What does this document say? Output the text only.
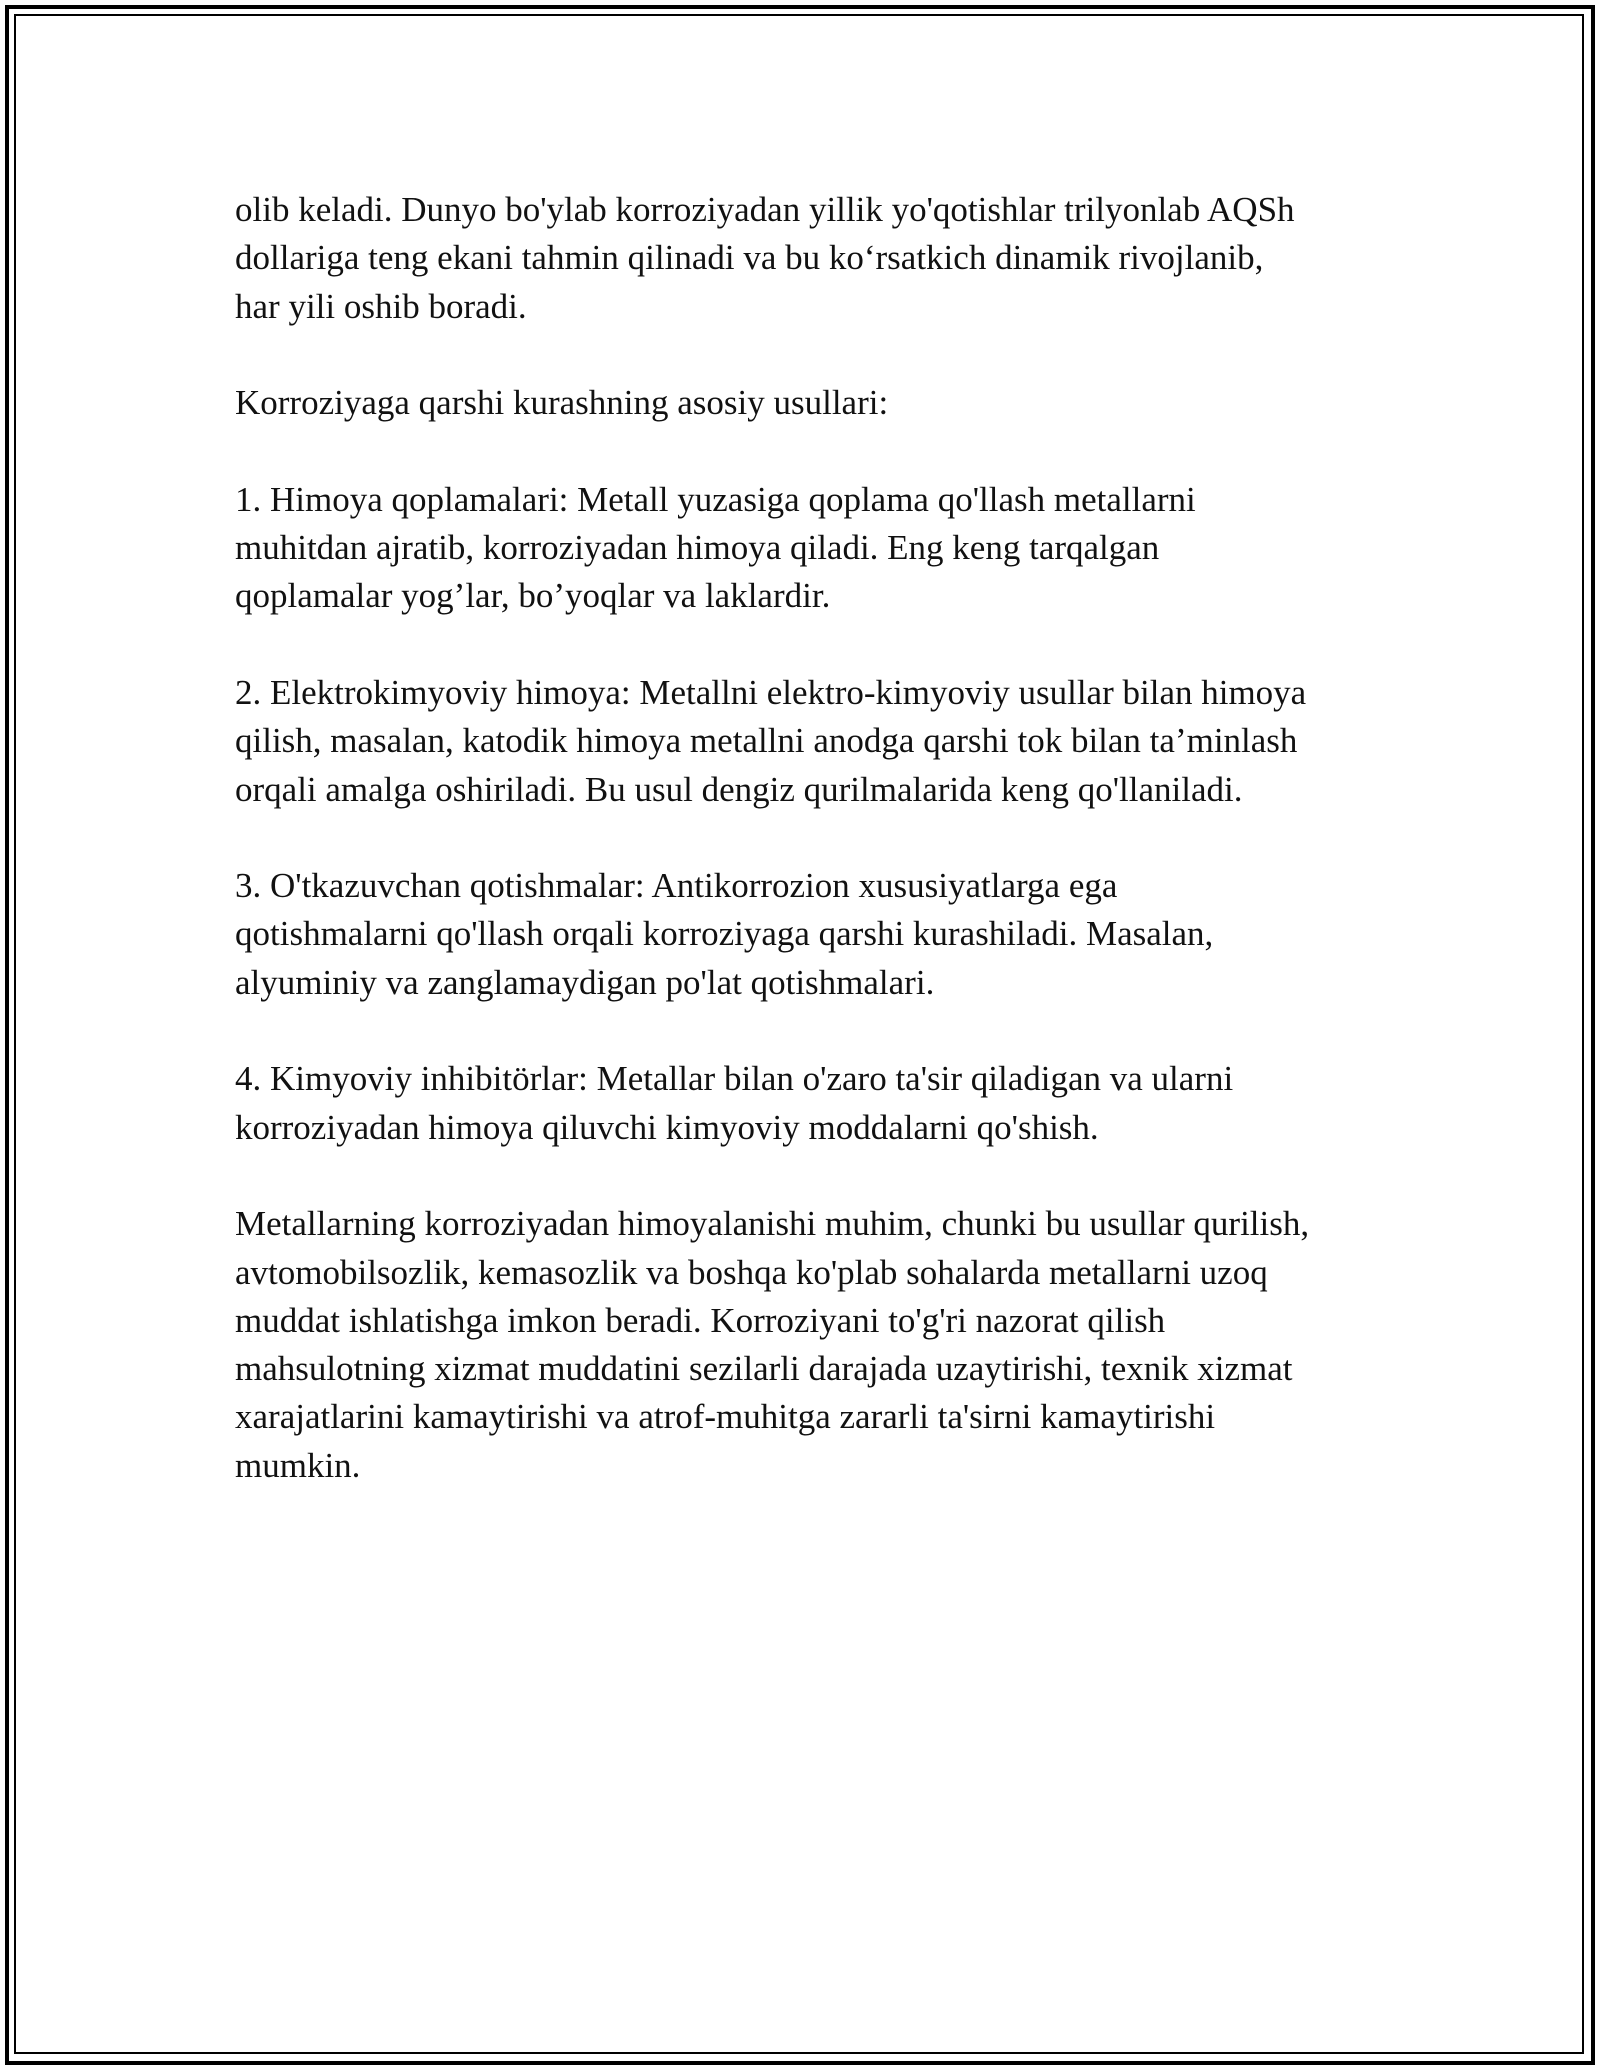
olib keladi. Dunyo bo'ylab korroziyadan yillik yo'qotishlar trilyonlab AQSh
dollariga teng ekani tahmin qilinadi va bu ko‘rsatkich dinamik rivojlanib,
har yili oshib boradi.

Korroziyaga qarshi kurashning asosiy usullari:

1. Himoya qoplamalari: Metall yuzasiga qoplama qo'llash metallarni
muhitdan ajratib, korroziyadan himoya qiladi. Eng keng tarqalgan
qoplamalar yog’lar, bo’yoqlar va laklardir.

2. Elektrokimyoviy himoya: Metallni elektro-kimyoviy usullar bilan himoya
qilish, masalan, katodik himoya metallni anodga qarshi tok bilan ta’minlash
orqali amalga oshiriladi. Bu usul dengiz qurilmalarida keng qo'llaniladi.

3. O'tkazuvchan qotishmalar: Antikorrozion xususiyatlarga ega
qotishmalarni qo'llash orqali korroziyaga qarshi kurashiladi. Masalan,
alyuminiy va zanglamaydigan po'lat qotishmalari.

4. Kimyoviy inhibitörlar: Metallar bilan o'zaro ta'sir qiladigan va ularni
korroziyadan himoya qiluvchi kimyoviy moddalarni qo'shish.

Metallarning korroziyadan himoyalanishi muhim, chunki bu usullar qurilish,
avtomobilsozlik, kemasozlik va boshqa ko'plab sohalarda metallarni uzoq
muddat ishlatishga imkon beradi. Korroziyani to'g'ri nazorat qilish
mahsulotning xizmat muddatini sezilarli darajada uzaytirishi, texnik xizmat
xarajatlarini kamaytirishi va atrof-muhitga zararli ta'sirni kamaytirishi
mumkin.
